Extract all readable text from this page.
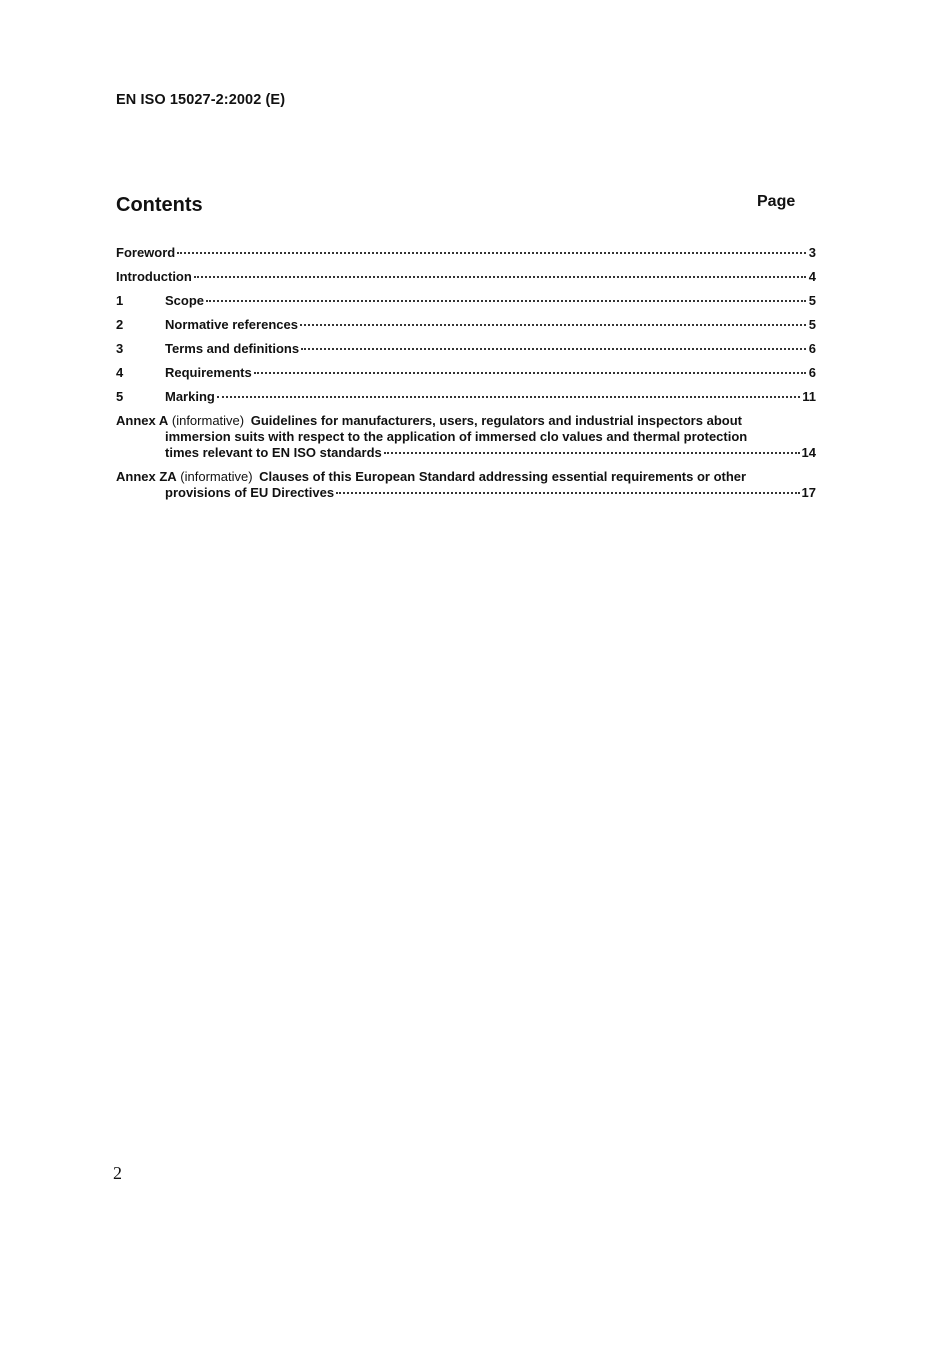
EN ISO 15027-2:2002 (E)
Contents	Page
Foreword	3
Introduction	4
1	Scope	5
2	Normative references	5
3	Terms and definitions	6
4	Requirements	6
5	Marking	11
Annex A (informative) Guidelines for manufacturers, users, regulators and industrial inspectors about
immersion suits with respect to the application of immersed clo values and thermal protection
times relevant to EN ISO standards	14
Annex ZA (informative) Clauses of this European Standard addressing essential requirements or other
provisions of EU Directives	17
2
